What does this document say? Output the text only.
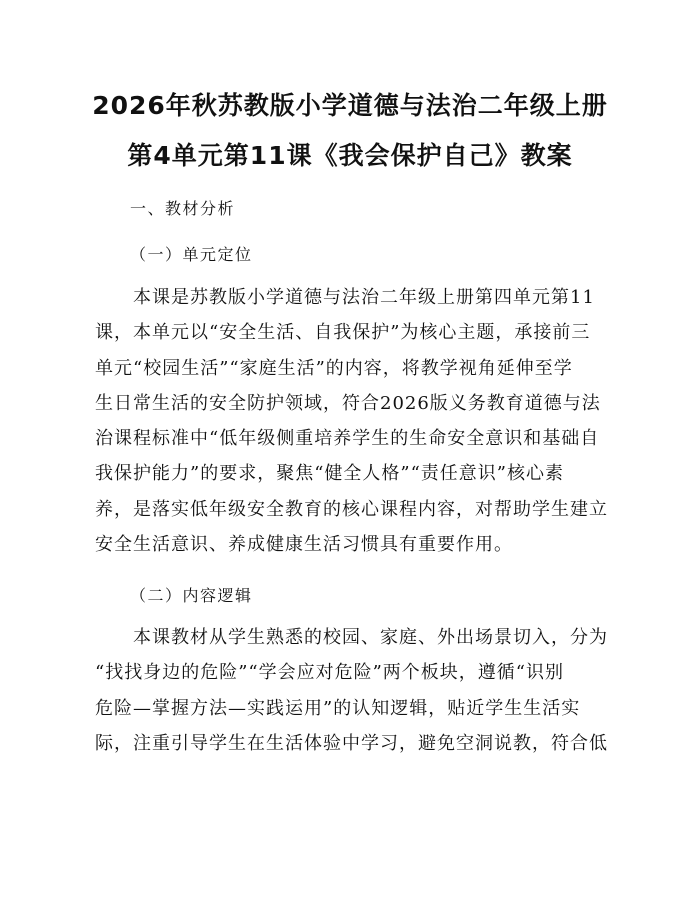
2026年秋苏教版小学道德与法治二年级上册
第4单元第11课《我会保护自己》教案
一、教材分析
（一）单元定位
本课是苏教版小学道德与法治二年级上册第四单元第11
课，本单元以“安全生活、自我保护”为核心主题，承接前三
单元“校园生活”“家庭生活”的内容，将教学视角延伸至学
生日常生活的安全防护领域，符合2026版义务教育道德与法
治课程标准中“低年级侧重培养学生的生命安全意识和基础自
我保护能力”的要求，聚焦“健全人格”“责任意识”核心素
养，是落实低年级安全教育的核心课程内容，对帮助学生建立
安全生活意识、养成健康生活习惯具有重要作用。
（二）内容逻辑
本课教材从学生熟悉的校园、家庭、外出场景切入，分为
“找找身边的危险”“学会应对危险”两个板块，遵循“识别
危险—掌握方法—实践运用”的认知逻辑，贴近学生生活实
际，注重引导学生在生活体验中学习，避免空洞说教，符合低
